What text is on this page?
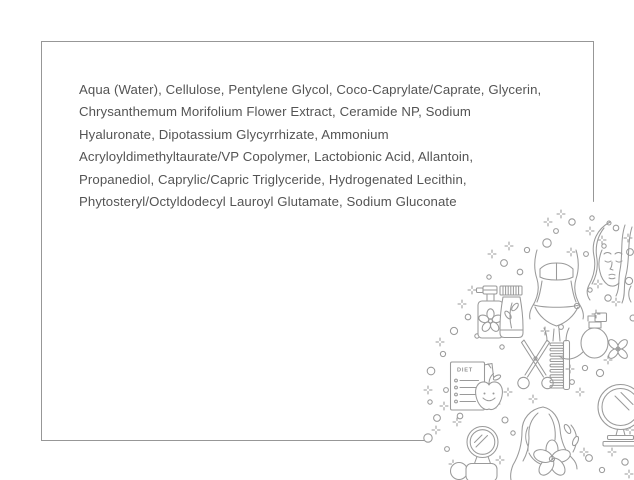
Aqua (Water), Cellulose, Pentylene Glycol, Coco-Caprylate/Caprate, Glycerin,
Chrysanthemum Morifolium Flower Extract, Ceramide NP, Sodium
Hyaluronate, Dipotassium Glycyrrhizate, Ammonium
Acryloyldimethyltaurate/VP Copolymer, Lactobionic Acid, Allantoin,
Propanediol, Caprylic/Capric Triglyceride, Hydrogenated Lecithin,
Phytosteryl/Octyldodecyl Lauroyl Glutamate, Sodium Gluconate
DIET
